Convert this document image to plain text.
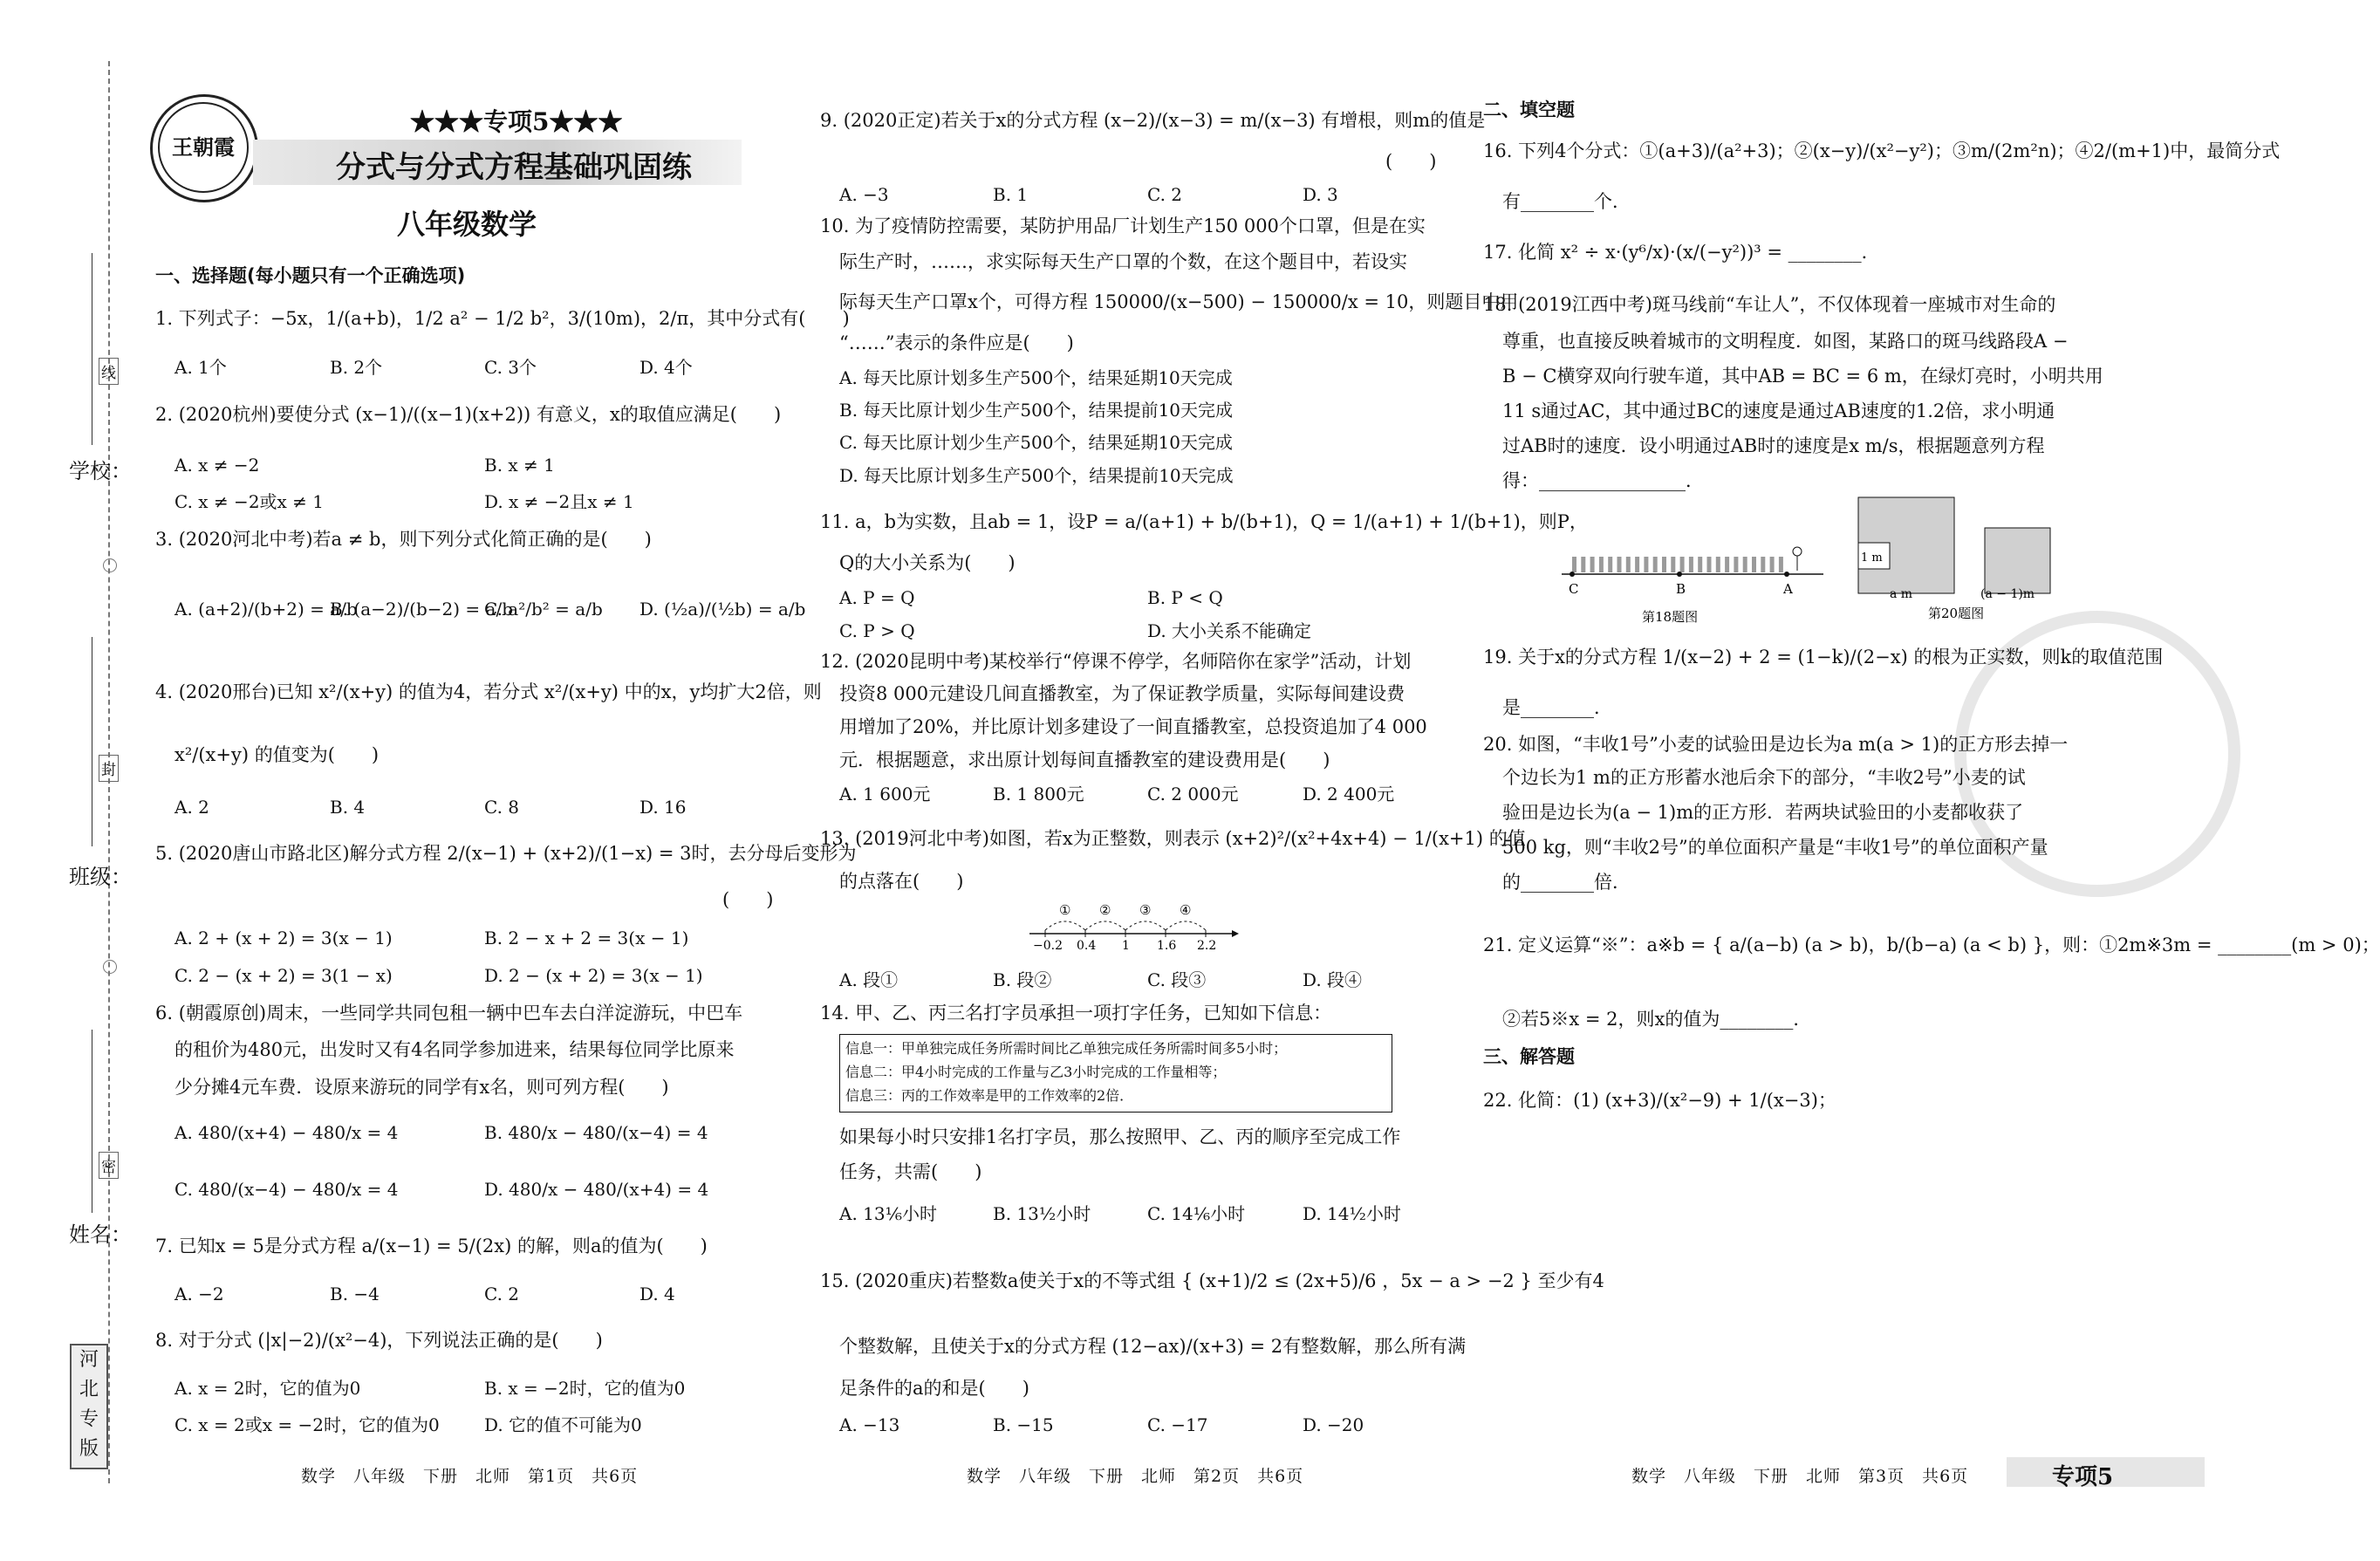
学校：
班级：
姓名：
线
封
密
河
北
专
版
王朝霞
★★★专项5★★★
分式与分式方程基础巩固练
八年级数学
一、选择题(每小题只有一个正确选项)
1. 下列式子：−5x，1/(a+b)，1/2 a² − 1/2 b²，3/(10m)，2/π，其中分式有(　　)
A. 1个	B. 2个	C. 3个	D. 4个
2. (2020杭州)要使分式 (x−1)/((x−1)(x+2)) 有意义，x的取值应满足(　　)
A. x ≠ −2	B. x ≠ 1
C. x ≠ −2或x ≠ 1	D. x ≠ −2且x ≠ 1
3. (2020河北中考)若a ≠ b，则下列分式化简正确的是(　　)
A. (a+2)/(b+2) = a/b
B. (a−2)/(b−2) = a/b
C. a²/b² = a/b D. (½a)/(½b) = a/b
4. (2020邢台)已知 x²/(x+y) 的值为4，若分式 x²/(x+y) 中的x，y均扩大2倍，则
x²/(x+y) 的值变为(　　)
A. 2	B. 4	C. 8	D. 16
5. (2020唐山市路北区)解分式方程 2/(x−1) + (x+2)/(1−x) = 3时，去分母后变形为
(　　)
A. 2 + (x + 2) = 3(x − 1)	B. 2 − x + 2 = 3(x − 1)
C. 2 − (x + 2) = 3(1 − x)	D. 2 − (x + 2) = 3(x − 1)
6. (朝霞原创)周末，一些同学共同包租一辆中巴车去白洋淀游玩，中巴车
的租价为480元，出发时又有4名同学参加进来，结果每位同学比原来
少分摊4元车费．设原来游玩的同学有x名，则可列方程(　　)
A. 480/(x+4) − 480/x = 4	B. 480/x − 480/(x−4) = 4
C. 480/(x−4) − 480/x = 4	D. 480/x − 480/(x+4) = 4
7. 已知x = 5是分式方程 a/(x−1) = 5/(2x) 的解，则a的值为(　　)
A. −2	B. −4	C. 2	D. 4
8. 对于分式 (|x|−2)/(x²−4)，下列说法正确的是(　　)
A. x = 2时，它的值为0	B. x = −2时，它的值为0
C. x = 2或x = −2时，它的值为0	D. 它的值不可能为0
数学　八年级　下册　北师　第1页　共6页
9. (2020正定)若关于x的分式方程 (x−2)/(x−3) = m/(x−3) 有增根，则m的值是
(　　)
A. −3	B. 1	C. 2	D. 3
10. 为了疫情防控需要，某防护用品厂计划生产150 000个口罩，但是在实
际生产时，……，求实际每天生产口罩的个数，在这个题目中，若设实
际每天生产口罩x个，可得方程 150000/(x−500) − 150000/x = 10，则题目中用
“……”表示的条件应是(　　)
A. 每天比原计划多生产500个，结果延期10天完成
B. 每天比原计划少生产500个，结果提前10天完成
C. 每天比原计划少生产500个，结果延期10天完成
D. 每天比原计划多生产500个，结果提前10天完成
11. a，b为实数，且ab = 1，设P = a/(a+1) + b/(b+1)，Q = 1/(a+1) + 1/(b+1)，则P，
Q的大小关系为(　　)
A. P = Q	B. P < Q
C. P > Q	D. 大小关系不能确定
12. (2020昆明中考)某校举行“停课不停学，名师陪你在家学”活动，计划
投资8 000元建设几间直播教室，为了保证教学质量，实际每间建设费
用增加了20%，并比原计划多建设了一间直播教室，总投资追加了4 000
元．根据题意，求出原计划每间直播教室的建设费用是(　　)
A. 1 600元	B. 1 800元	C. 2 000元	D. 2 400元
13. (2019河北中考)如图，若x为正整数，则表示 (x+2)²/(x²+4x+4) − 1/(x+1) 的值
的点落在(　　)
① ② ③ ④
−0.2 0.4 1 1.6 2.2
A. 段①	B. 段②	C. 段③	D. 段④
14. 甲、乙、丙三名打字员承担一项打字任务，已知如下信息：
信息一：甲单独完成任务所需时间比乙单独完成任务所需时间多5小时；
信息二：甲4小时完成的工作量与乙3小时完成的工作量相等；
信息三：丙的工作效率是甲的工作效率的2倍．
如果每小时只安排1名打字员，那么按照甲、乙、丙的顺序至完成工作
任务，共需(　　)
A. 13⅙小时	B. 13½小时	C. 14⅙小时	D. 14½小时
15. (2020重庆)若整数a使关于x的不等式组 { (x+1)/2 ≤ (2x+5)/6 ，5x − a > −2 } 至少有4
个整数解，且使关于x的分式方程 (12−ax)/(x+3) = 2有整数解，那么所有满
足条件的a的和是(　　)
A. −13	B. −15	C. −17	D. −20
数学　八年级　下册　北师　第2页　共6页
二、填空题
16. 下列4个分式：①(a+3)/(a²+3)；②(x−y)/(x²−y²)；③m/(2m²n)；④2/(m+1)中，最简分式
有________个．
17. 化简 x² ÷ x·(y⁶/x)·(x/(−y²))³ = ________．
18. (2019江西中考)斑马线前“车让人”，不仅体现着一座城市对生命的
尊重，也直接反映着城市的文明程度．如图，某路口的斑马线路段A −
B − C横穿双向行驶车道，其中AB = BC = 6 m，在绿灯亮时，小明共用
11 s通过AC，其中通过BC的速度是通过AB速度的1.2倍，求小明通
过AB时的速度．设小明通过AB时的速度是x m/s，根据题意列方程
得：________________．
C	B	A
第18题图
1 m
a m	(a − 1)m
第20题图
19. 关于x的分式方程 1/(x−2) + 2 = (1−k)/(2−x) 的根为正实数，则k的取值范围
是________．
20. 如图，“丰收1号”小麦的试验田是边长为a m(a > 1)的正方形去掉一
个边长为1 m的正方形蓄水池后余下的部分，“丰收2号”小麦的试
验田是边长为(a − 1)m的正方形．若两块试验田的小麦都收获了
500 kg，则“丰收2号”的单位面积产量是“丰收1号”的单位面积产量
的________倍．
21. 定义运算“※”：a※b = { a/(a−b) (a > b)，b/(b−a) (a < b) }，则：①2m※3m = ________(m > 0)；
②若5※x = 2，则x的值为________．
三、解答题
22. 化简：(1) (x+3)/(x²−9) + 1/(x−3)；
数学　八年级　下册　北师　第3页　共6页	专项5
